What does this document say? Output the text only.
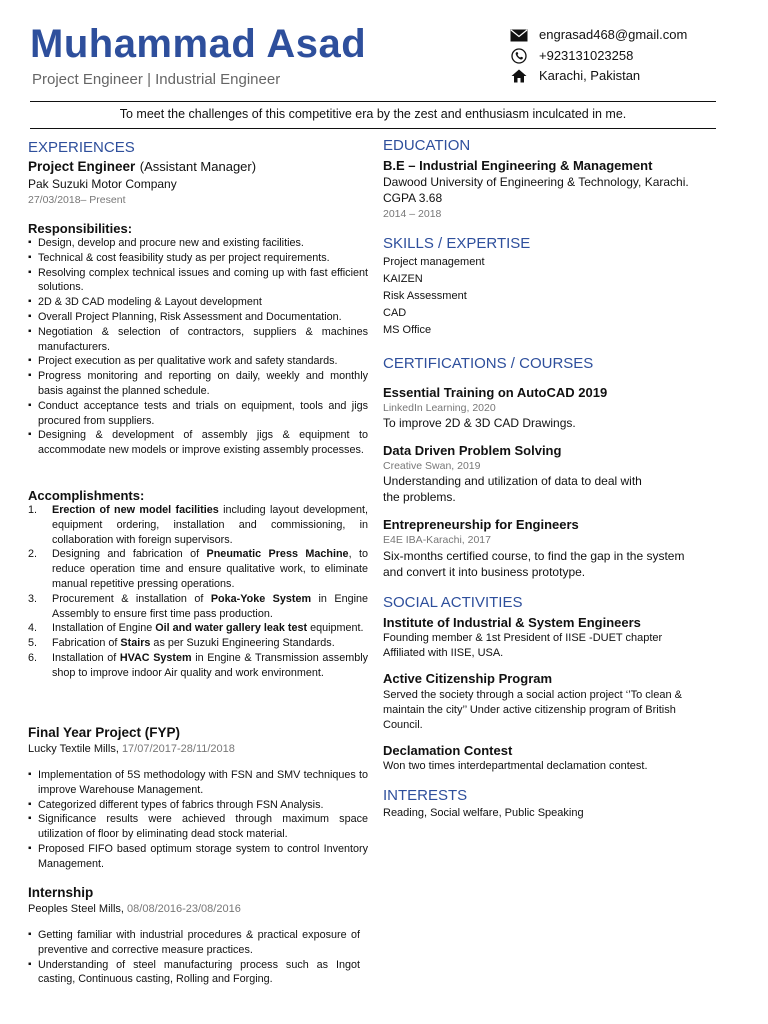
Muhammad Asad
Project Engineer | Industrial Engineer
engrasad468@gmail.com
+923131023258
Karachi, Pakistan
To meet the challenges of this competitive era by the zest and enthusiasm inculcated in me.
EXPERIENCES
Project Engineer (Assistant Manager)
Pak Suzuki Motor Company
27/03/2018– Present
Responsibilities:
▪ Design, develop and procure new and existing facilities.
▪ Technical & cost feasibility study as per project requirements.
▪ Resolving complex technical issues and coming up with fast efficient solutions.
▪ 2D & 3D CAD modeling & Layout development
▪ Overall Project Planning, Risk Assessment and Documentation.
▪ Negotiation & selection of contractors, suppliers & machines manufacturers.
▪ Project execution as per qualitative work and safety standards.
▪ Progress monitoring and reporting on daily, weekly and monthly basis against the planned schedule.
▪ Conduct acceptance tests and trials on equipment, tools and jigs procured from suppliers.
▪ Designing & development of assembly jigs & equipment to accommodate new models or improve existing assembly processes.
Accomplishments:
1. Erection of new model facilities including layout development, equipment ordering, installation and commissioning, in collaboration with foreign supervisors.
2. Designing and fabrication of Pneumatic Press Machine, to reduce operation time and ensure qualitative work, to eliminate manual repetitive pressing operations.
3. Procurement & installation of Poka-Yoke System in Engine Assembly to ensure first time pass production.
4. Installation of Engine Oil and water gallery leak test equipment.
5. Fabrication of Stairs as per Suzuki Engineering Standards.
6. Installation of HVAC System in Engine & Transmission assembly shop to improve indoor Air quality and work environment.
Final Year Project (FYP)
Lucky Textile Mills, 17/07/2017-28/11/2018
▪ Implementation of 5S methodology with FSN and SMV techniques to improve Warehouse Management.
▪ Categorized different types of fabrics through FSN Analysis.
▪ Significance results were achieved through maximum space utilization of floor by eliminating dead stock material.
▪ Proposed FIFO based optimum storage system to control Inventory Management.
Internship
Peoples Steel Mills, 08/08/2016-23/08/2016
▪ Getting familiar with industrial procedures & practical exposure of preventive and corrective measure practices.
▪ Understanding of steel manufacturing process such as Ingot casting, Continuous casting, Rolling and Forging.
EDUCATION
B.E – Industrial Engineering & Management
Dawood University of Engineering & Technology, Karachi.
CGPA 3.68
2014 – 2018
SKILLS / EXPERTISE
Project management
KAIZEN
Risk Assessment
CAD
MS Office
CERTIFICATIONS / COURSES
Essential Training on AutoCAD 2019
LinkedIn Learning, 2020
To improve 2D & 3D CAD Drawings.
Data Driven Problem Solving
Creative Swan, 2019
Understanding and utilization of data to deal with
the problems.
Entrepreneurship for Engineers
E4E IBA-Karachi, 2017
Six-months certified course, to find the gap in the system
and convert it into business prototype.
SOCIAL ACTIVITIES
Institute of Industrial & System Engineers
Founding member & 1st President of IISE -DUET chapter
Affiliated with IISE, USA.
Active Citizenship Program
Served the society through a social action project ‘’To clean &
maintain the city’’ Under active citizenship program of British
Council.
Declamation Contest
Won two times interdepartmental declamation contest.
INTERESTS
Reading, Social welfare, Public Speaking
